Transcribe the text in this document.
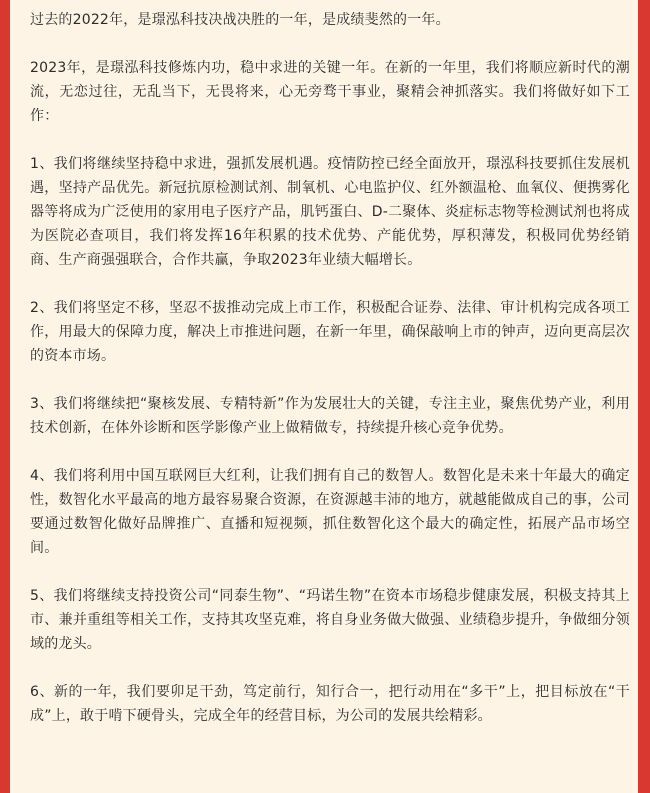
过去的2022年，是璟泓科技决战决胜的一年，是成绩斐然的一年。

2023年，是璟泓科技修炼内功，稳中求进的关键一年。在新的一年里，我们将顺应新时代的潮流，无恋过往，无乱当下，无畏将来，心无旁骛干事业，聚精会神抓落实。我们将做好如下工作：

1、我们将继续坚持稳中求进，强抓发展机遇。疫情防控已经全面放开，璟泓科技要抓住发展机遇，坚持产品优先。新冠抗原检测试剂、制氧机、心电监护仪、红外额温枪、血氧仪、便携雾化器等将成为广泛使用的家用电子医疗产品，肌钙蛋白、D-二聚体、炎症标志物等检测试剂也将成为医院必查项目，我们将发挥16年积累的技术优势、产能优势，厚积薄发，积极同优势经销商、生产商强强联合，合作共赢，争取2023年业绩大幅增长。

2、我们将坚定不移，坚忍不拔推动完成上市工作，积极配合证券、法律、审计机构完成各项工作，用最大的保障力度，解决上市推进问题，在新一年里，确保敲响上市的钟声，迈向更高层次的资本市场。

3、我们将继续把“聚核发展、专精特新”作为发展壮大的关键，专注主业，聚焦优势产业，利用技术创新，在体外诊断和医学影像产业上做精做专，持续提升核心竞争优势。

4、我们将利用中国互联网巨大红利，让我们拥有自己的数智人。数智化是未来十年最大的确定性，数智化水平最高的地方最容易聚合资源，在资源越丰沛的地方，就越能做成自己的事，公司要通过数智化做好品牌推广、直播和短视频，抓住数智化这个最大的确定性，拓展产品市场空间。

5、我们将继续支持投资公司“同泰生物”、“玛诺生物”在资本市场稳步健康发展，积极支持其上市、兼并重组等相关工作，支持其攻坚克难，将自身业务做大做强、业绩稳步提升，争做细分领域的龙头。

6、新的一年，我们要卯足干劲，笃定前行，知行合一，把行动用在“多干”上，把目标放在“干成”上，敢于啃下硬骨头，完成全年的经营目标，为公司的发展共绘精彩。
